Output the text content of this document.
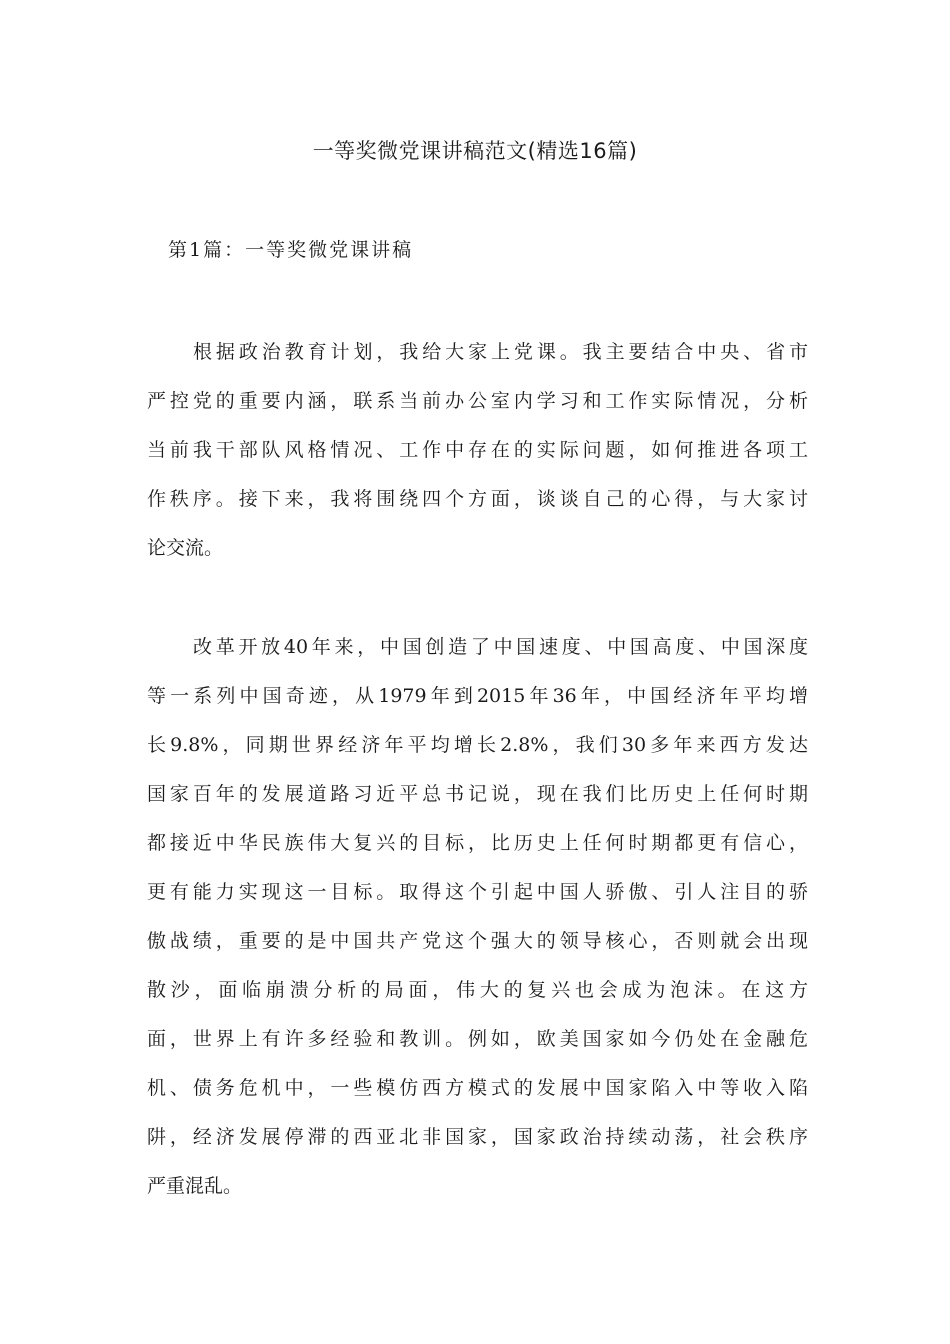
一等奖微党课讲稿范文(精选16篇)
第1篇：一等奖微党课讲稿
根据政治教育计划，我给大家上党课。我主要结合中央、省市
严控党的重要内涵，联系当前办公室内学习和工作实际情况，分析
当前我干部队风格情况、工作中存在的实际问题，如何推进各项工
作秩序。接下来，我将围绕四个方面，谈谈自己的心得，与大家讨
论交流。
改革开放40年来，中国创造了中国速度、中国高度、中国深度
等一系列中国奇迹，从1979年到2015年36年，中国经济年平均增
长9.8%，同期世界经济年平均增长2.8%，我们30多年来西方发达
国家百年的发展道路习近平总书记说，现在我们比历史上任何时期
都接近中华民族伟大复兴的目标，比历史上任何时期都更有信心，
更有能力实现这一目标。取得这个引起中国人骄傲、引人注目的骄
傲战绩，重要的是中国共产党这个强大的领导核心，否则就会出现
散沙，面临崩溃分析的局面，伟大的复兴也会成为泡沫。在这方
面，世界上有许多经验和教训。例如，欧美国家如今仍处在金融危
机、债务危机中，一些模仿西方模式的发展中国家陷入中等收入陷
阱，经济发展停滞的西亚北非国家，国家政治持续动荡，社会秩序
严重混乱。
